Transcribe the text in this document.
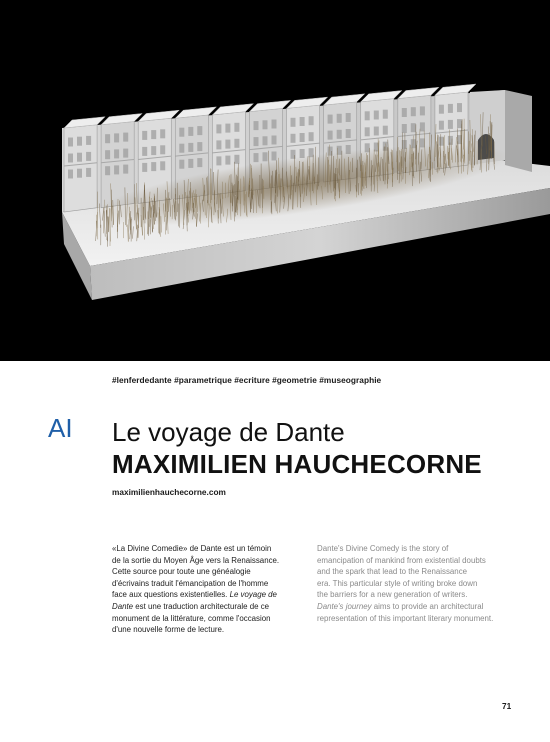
#lenferdedante #parametrique #ecriture #geometrie #museographie
AI Le voyage de Dante
MAXIMILIEN HAUCHECORNE
maximilienhauchecorne.com

«La Divine Comedie» de Dante est un témoin

de la sortie du Moyen Âge vers la Renaissance.

Cette source pour toute une généalogie

d'écrivains traduit l'émancipation de l'homme

face aux questions existentielles. Le voyage de

Dante est une traduction architecturale de ce

monument de la littérature, comme l'occasion

d'une nouvelle forme de lecture.

Dante's Divine Comedy is the story of

emancipation of mankind from existential doubts

and the spark that lead to the Renaissance

era. This particular style of writing broke down

the barriers for a new generation of writers.

Dante's journey aims to provide an architectural

representation of this important literary monument.

71
